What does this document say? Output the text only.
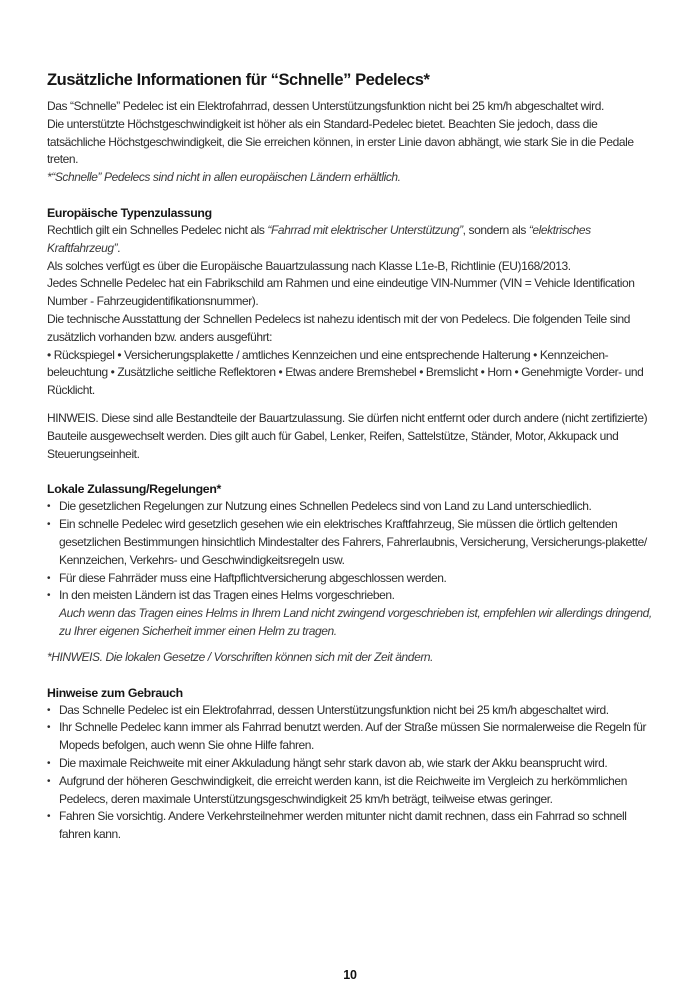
Zusätzliche Informationen für “Schnelle” Pedelecs*

Das “Schnelle” Pedelec ist ein Elektrofahrrad, dessen Unterstützungsfunktion nicht bei 25 km/h abgeschaltet wird.

Die unterstützte Höchstgeschwindigkeit ist höher als ein Standard-Pedelec bietet. Beachten Sie jedoch, dass die tatsächliche Höchstgeschwindigkeit, die Sie erreichen können, in erster Linie davon abhängt, wie stark Sie in die Pedale treten.

*“Schnelle” Pedelecs sind nicht in allen europäischen Ländern erhältlich.

Europäische Typenzulassung

Rechtlich gilt ein Schnelles Pedelec nicht als “Fahrrad mit elektrischer Unterstützung”, sondern als “elektrisches Kraftfahrzeug”.

Als solches verfügt es über die Europäische Bauartzulassung nach Klasse L1e-B, Richtlinie (EU)168/2013.

Jedes Schnelle Pedelec hat ein Fabrikschild am Rahmen und eine eindeutige VIN-Nummer (VIN = Vehicle Identification Number - Fahrzeugidentifikationsnummer).

Die technische Ausstattung der Schnellen Pedelecs ist nahezu identisch mit der von Pedelecs. Die folgenden Teile sind zusätzlich vorhanden bzw. anders ausgeführt:

• Rückspiegel • Versicherungsplakette / amtliches Kennzeichen und eine entsprechende Halterung • Kennzeichen-beleuchtung • Zusätzliche seitliche Reflektoren • Etwas andere Bremshebel • Bremslicht • Horn • Genehmigte Vorder- und Rücklicht.

HINWEIS. Diese sind alle Bestandteile der Bauartzulassung. Sie dürfen nicht entfernt oder durch andere (nicht zertifizierte) Bauteile ausgewechselt werden. Dies gilt auch für Gabel, Lenker, Reifen, Sattelstütze, Ständer, Motor, Akkupack und Steuerungseinheit.

Lokale Zulassung/Regelungen*
• Die gesetzlichen Regelungen zur Nutzung eines Schnellen Pedelecs sind von Land zu Land unterschiedlich.
• Ein schnelle Pedelec wird gesetzlich gesehen wie ein elektrisches Kraftfahrzeug, Sie müssen die örtlich geltenden gesetzlichen Bestimmungen hinsichtlich Mindestalter des Fahrers, Fahrerlaubnis, Versicherung, Versicherungs-plakette/ Kennzeichen, Verkehrs- und Geschwindigkeitsregeln usw.
• Für diese Fahrräder muss eine Haftpflichtversicherung abgeschlossen werden.
• In den meisten Ländern ist das Tragen eines Helms vorgeschrieben.

Auch wenn das Tragen eines Helms in Ihrem Land nicht zwingend vorgeschrieben ist, empfehlen wir allerdings dringend, zu Ihrer eigenen Sicherheit immer einen Helm zu tragen.

*HINWEIS. Die lokalen Gesetze / Vorschriften können sich mit der Zeit ändern.

Hinweise zum Gebrauch
• Das Schnelle Pedelec ist ein Elektrofahrrad, dessen Unterstützungsfunktion nicht bei 25 km/h abgeschaltet wird.
• Ihr Schnelle Pedelec kann immer als Fahrrad benutzt werden. Auf der Straße müssen Sie normalerweise die Regeln für Mopeds befolgen, auch wenn Sie ohne Hilfe fahren.
• Die maximale Reichweite mit einer Akkuladung hängt sehr stark davon ab, wie stark der Akku beansprucht wird.
• Aufgrund der höheren Geschwindigkeit, die erreicht werden kann, ist die Reichweite im Vergleich zu herkömmlichen Pedelecs, deren maximale Unterstützungsgeschwindigkeit 25 km/h beträgt, teilweise etwas geringer.
• Fahren Sie vorsichtig. Andere Verkehrsteilnehmer werden mitunter nicht damit rechnen, dass ein Fahrrad so schnell fahren kann.
10
